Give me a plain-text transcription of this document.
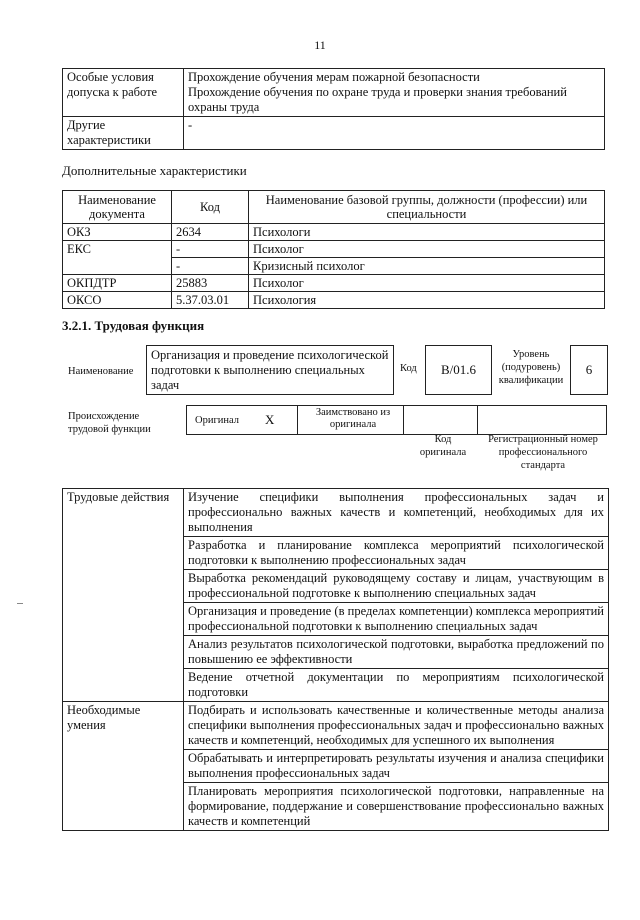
11
Особые условия допуска к работе	Прохождение обучения мерам пожарной безопасности
Прохождение обучения по охране труда и проверки знания требований охраны труда

Другие характеристики	-
Дополнительные характеристики
Наименование документа	Код	Наименование базовой группы, должности (профессии) или специальности
ОКЗ	2634	Психологи
ЕКС	-	Психолог
	-	Кризисный психолог
ОКПДТР	25883	Психолог
ОКСО	5.37.03.01	Психология
3.2.1. Трудовая функция
Наименование
Организация и проведение психологической подготовки к выполнению специальных задач
Код	B/01.6
Уровень (подуровень) квалификации
6
Происхождение трудовой функции
Оригинал X	Заимствовано из оригинала
Код оригинала
Регистрационный номер профессионального стандарта
Трудовые действия	Изучение специфики выполнения профессиональных задач и профессионально важных качеств и компетенций, необходимых для их выполнения
	Разработка и планирование комплекса мероприятий психологической подготовки к выполнению профессиональных задач
	Выработка рекомендаций руководящему составу и лицам, участвующим в профессиональной подготовке к выполнению специальных задач
	Организация и проведение (в пределах компетенции) комплекса мероприятий профессиональной подготовки к выполнению специальных задач
	Анализ результатов психологической подготовки, выработка предложений по повышению ее эффективности
	Ведение отчетной документации по мероприятиям психологической подготовки
Необходимые умения	Подбирать и использовать качественные и количественные методы анализа специфики выполнения профессиональных задач и профессионально важных качеств и компетенций, необходимых для успешного их выполнения
	Обрабатывать и интерпретировать результаты изучения и анализа специфики выполнения профессиональных задач
	Планировать мероприятия психологической подготовки, направленные на формирование, поддержание и совершенствование профессионально важных качеств и компетенций
